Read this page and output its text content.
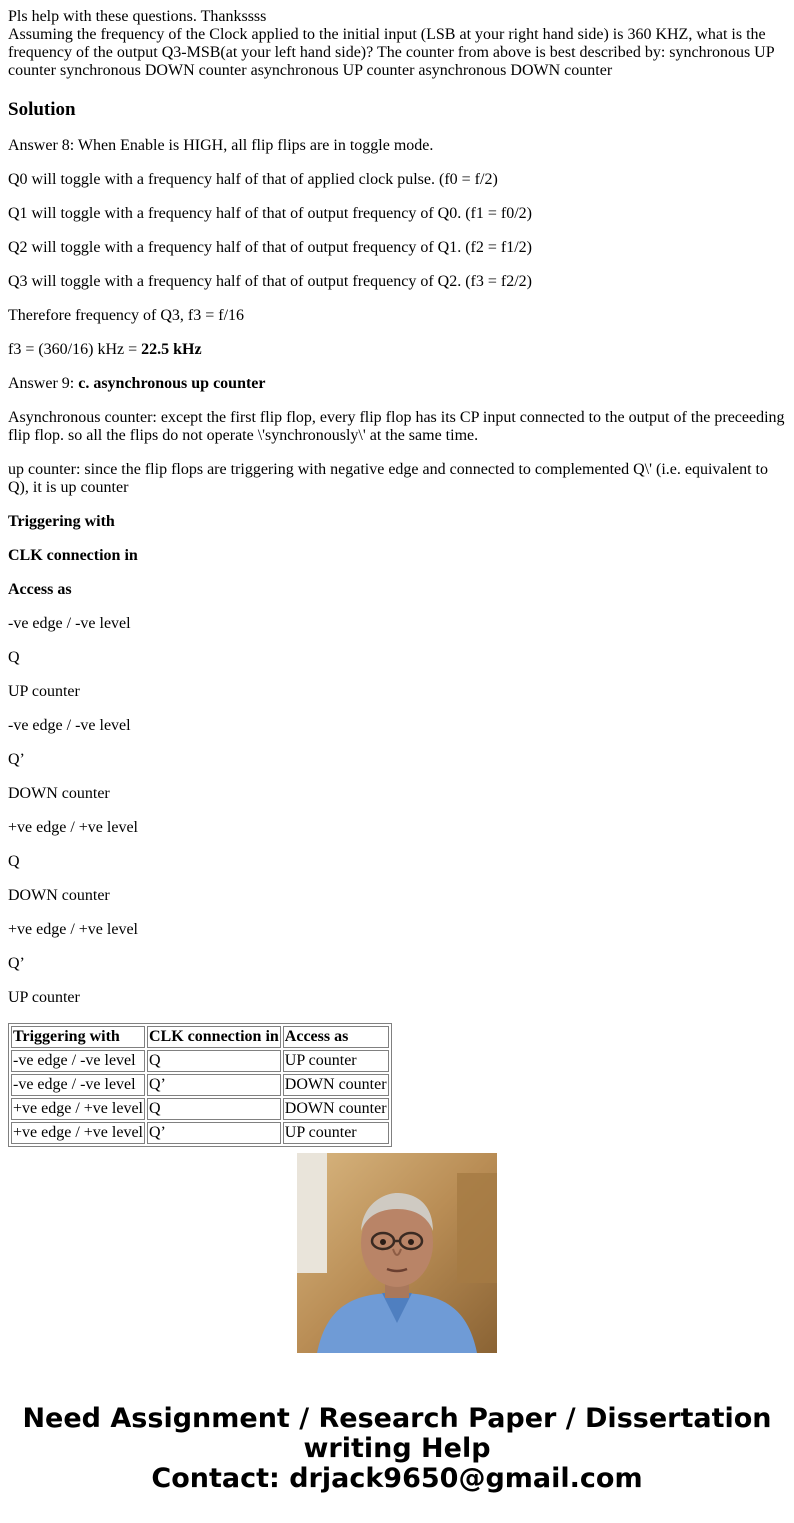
Pls help with these questions. Thankssss

Assuming the frequency of the Clock applied to the initial input (LSB at your right hand side) is 360 KHZ, what is the frequency of the output Q3-MSB(at your left hand side)? The counter from above is best described by: synchronous UP counter synchronous DOWN counter asynchronous UP counter asynchronous DOWN counter

Solution

Answer 8: When Enable is HIGH, all flip flips are in toggle mode.

Q0 will toggle with a frequency half of that of applied clock pulse. (f0 = f/2)

Q1 will toggle with a frequency half of that of output frequency of Q0. (f1 = f0/2)

Q2 will toggle with a frequency half of that of output frequency of Q1. (f2 = f1/2)

Q3 will toggle with a frequency half of that of output frequency of Q2. (f3 = f2/2)

Therefore frequency of Q3, f3 = f/16

f3 = (360/16) kHz = 22.5 kHz

Answer 9: c. asynchronous up counter

Asynchronous counter: except the first flip flop, every flip flop has its CP input connected to the output of the preceeding flip flop. so all the flips do not operate \'synchronously\' at the same time.

up counter: since the flip flops are triggering with negative edge and connected to complemented Q\' (i.e. equivalent to Q), it is up counter

Triggering with

CLK connection in

Access as

-ve edge / -ve level

Q

UP counter

-ve edge / -ve level

Q’

DOWN counter

+ve edge / +ve level

Q

DOWN counter

+ve edge / +ve level

Q’

UP counter

Triggering with	CLK connection in	Access as
-ve edge / -ve level	Q	UP counter
-ve edge / -ve level	Q’	DOWN counter
+ve edge / +ve level	Q	DOWN counter
+ve edge / +ve level	Q’	UP counter
Need Assignment / Research Paper / Dissertation
writing Help
Contact: drjack9650@gmail.com
